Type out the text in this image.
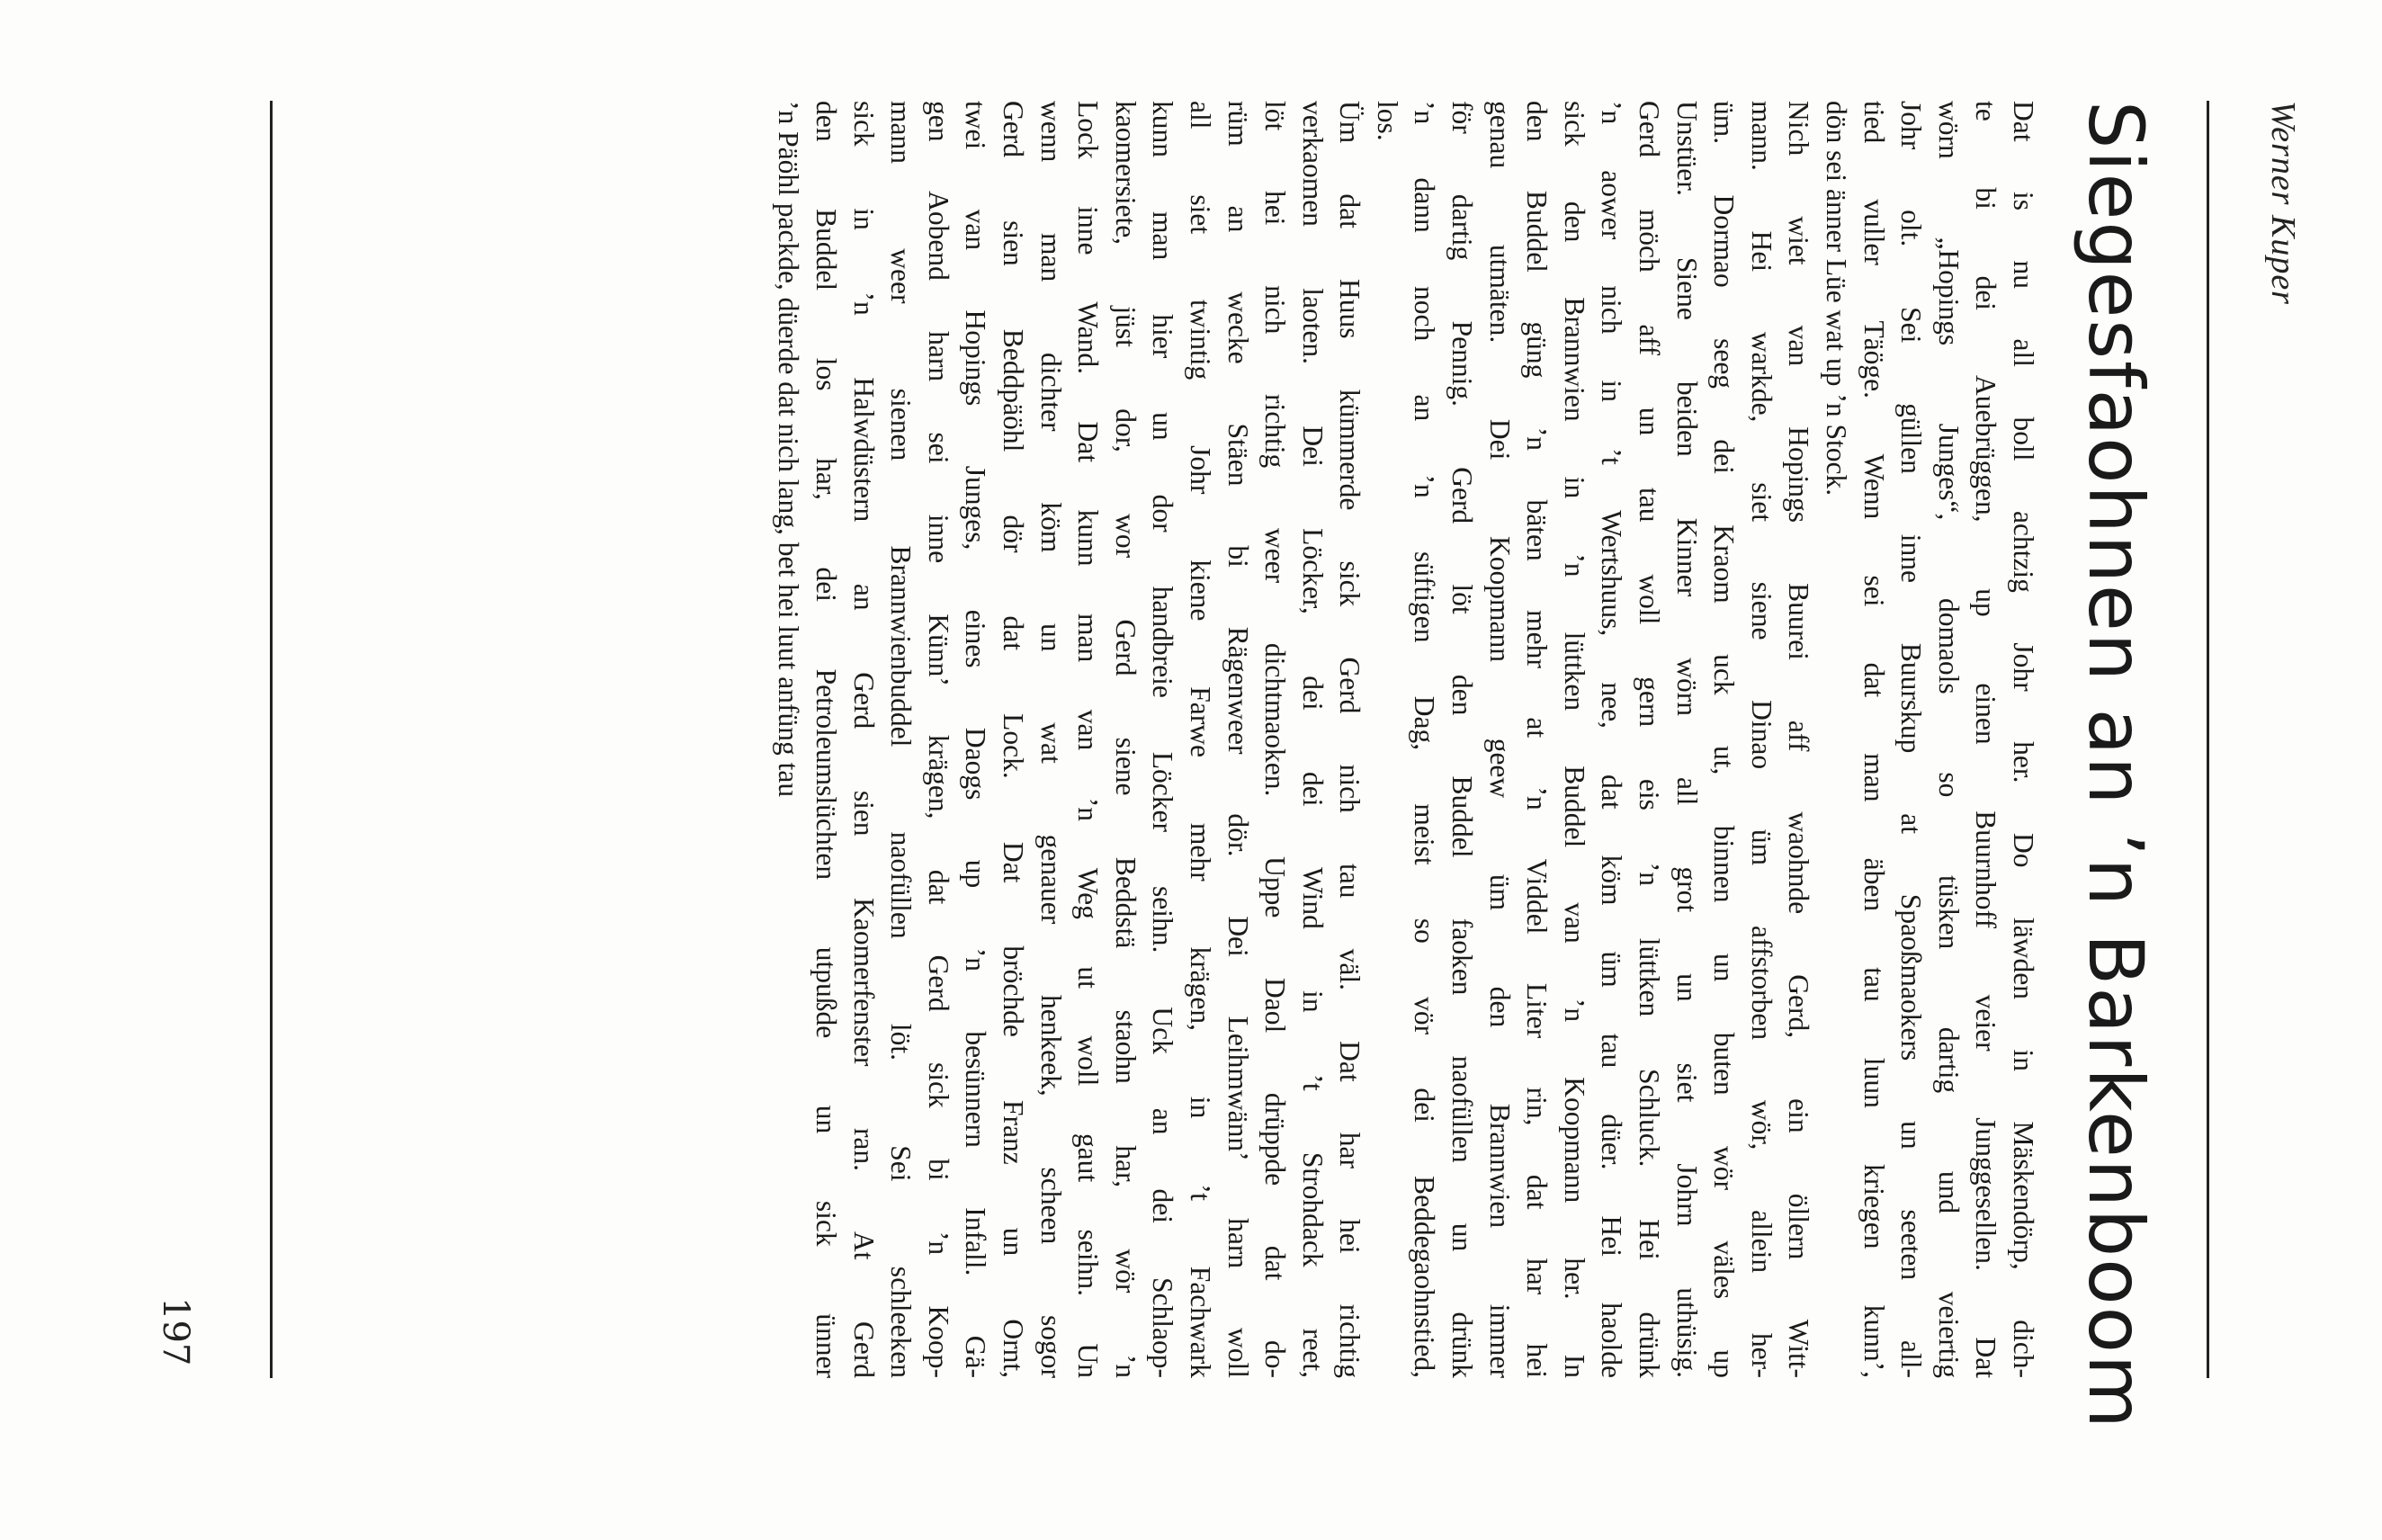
Werner Kuper

Siegesfaohnen an ’n Barkenboom
Dat is nu all boll achtzig Johr her. Do läwden in Mäskendörp, dich-
te bi dei Auebrüggen, up einen Buurnhoff veier Junggesellen. Dat
wörn „Hopings Junges“, domaols so tüsken dartig und veiertig
Johr olt. Sei güllen inne Buurskup at Spaoßmaokers un seeten all-
tied vuller Täöge. Wenn sei dat man äben tau luun kriegen kunn’,
dön sei änner Lüe wat up ’n Stock.
Nich wiet van Hopings Buurei aff waohnde Gerd, ein öllern Witt-
mann. Hei warkde, siet siene Dinao üm affstorben wör, allein her-
üm. Dormao seeg dei Kraom uck ut, binnen un buten wör väles up
Unstüer. Siene beiden Kinner wörn all grot un siet Johrn uthüsig.
Gerd möch aff un tau woll gern eis ’n lüttken Schluck. Hei drünk
’n aower nich in ’t Wertshuus, nee, dat köm üm tau düer. Hei haolde
sick den Brannwien in ’n lüttken Buddel van ’n Koopmann her. In
den Buddel güng ’n bäten mehr at ’n Viddel Liter rin, dat har hei
genau utmäten. Dei Koopmann geew üm den Brannwien immer
för dartig Pennig. Gerd löt den Buddel faoken naofüllen un drünk
’n dann noch an ’n süftigen Dag, meist so vör dei Beddegaohnstied,
los.
Üm dat Huus kümmerde sick Gerd nich tau väl. Dat har hei richtig
verkaomen laoten. Dei Löcker, dei dei Wind in ’t Strohdack reet,
löt hei nich richtig weer dichtmaoken. Uppe Daol drüppde dat do-
rüm an wecke Stäen bi Rägenweer dör. Dei Leihmwänn’ harn woll
all siet twintig Johr kiene Farwe mehr krägen, in ’t Fachwark
kunn man hier un dor handbreie Löcker seihn. Uck an dei Schlaop-
kaomersiete, jüst dor, wor Gerd siene Beddstä staohn har, wör ’n
Lock inne Wand. Dat kunn man van ’n Weg ut woll gaut seihn. Un
wenn man dichter köm un wat genauer henkeek, scheen sogor
Gerd sien Beddpäöhl dör dat Lock. Dat bröchde Franz un Ornt,
twei van Hopings Junges, eines Daogs up ’n besünnern Infall. Gä-
gen Aobend harn sei inne Künn’ krägen, dat Gerd sick bi ’n Koop-
mann weer sienen Brannwienbuddel naofüllen löt. Sei schleeken
sick in ’n Halwdüstern an Gerd sien Kaomerfenster ran. At Gerd
den Buddel los har, dei Petroleumslüchten utpußde un sick ünner
’n Päöhl packde, düerde dat nich lang, bet hei luut anfüng tau

197
